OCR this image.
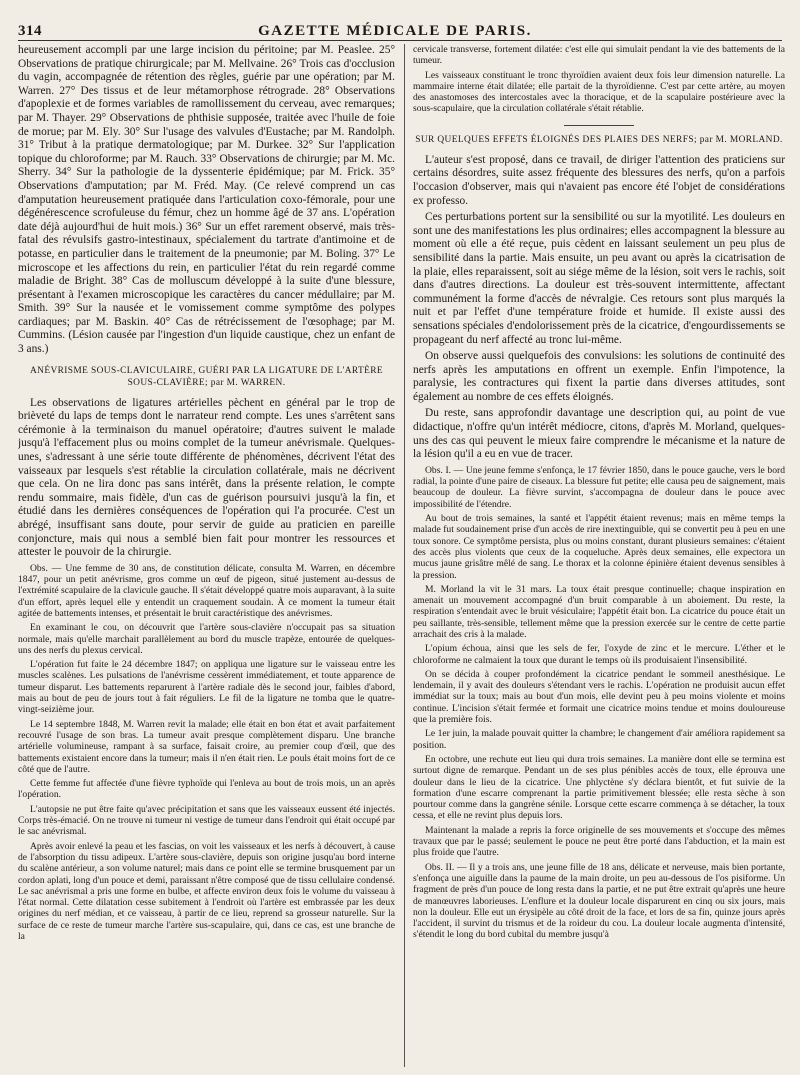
314	GAZETTE MÉDICALE DE PARIS.

heureusement accompli par une large incision du péritoine; par M. Peaslee. 25° Observations de pratique chirurgicale; par M. Mellvaine. 26° Trois cas d'occlusion du vagin, accompagnée de rétention des règles, guérie par une opération; par M. Warren. 27° Des tissus et de leur métamorphose rétrograde. 28° Observations d'apoplexie et de formes variables de ramollissement du cerveau, avec remarques; par M. Thayer. 29° Observations de phthisie supposée, traitée avec l'huile de foie de morue; par M. Ely. 30° Sur l'usage des valvules d'Eustache; par M. Randolph. 31° Tribut à la pratique dermatologique; par M. Durkee. 32° Sur l'application topique du chloroforme; par M. Rauch. 33° Observations de chirurgie; par M. Mc. Sherry. 34° Sur la pathologie de la dyssenterie épidémique; par M. Frick. 35° Observations d'amputation; par M. Fréd. May. (Ce relevé comprend un cas d'amputation heureusement pratiquée dans l'articulation coxo-fémorale, pour une dégénérescence scrofuleuse du fémur, chez un homme âgé de 37 ans. L'opération date déjà aujourd'hui de huit mois.) 36° Sur un effet rarement observé, mais très-fatal des révulsifs gastro-intestinaux, spécialement du tartrate d'antimoine et de potasse, en particulier dans le traitement de la pneumonie; par M. Boling. 37° Le microscope et les affections du rein, en particulier l'état du rein regardé comme maladie de Bright. 38° Cas de molluscum développé à la suite d'une blessure, présentant à l'examen microscopique les caractères du cancer médullaire; par M. Smith. 39° Sur la nausée et le vomissement comme symptôme des polypes cardiaques; par M. Baskin. 40° Cas de rétrécissement de l'œsophage; par M. Cummins. (Lésion causée par l'ingestion d'un liquide caustique, chez un enfant de 3 ans.)

ANÉVRISME SOUS-CLAVICULAIRE, GUÉRI PAR LA LIGATURE DE L'ARTÈRE SOUS-CLAVIÈRE; par M. WARREN.

Les observations de ligatures artérielles pèchent en général par le trop de brièveté du laps de temps dont le narrateur rend compte. Les unes s'arrêtent sans cérémonie à la terminaison du manuel opératoire; d'autres suivent le malade jusqu'à l'effacement plus ou moins complet de la tumeur anévrismale. Quelques-unes, s'adressant à une série toute différente de phénomènes, décrivent l'état des vaisseaux par lesquels s'est rétablie la circulation collatérale, mais ne décrivent que cela. On ne lira donc pas sans intérêt, dans la présente relation, le compte rendu sommaire, mais fidèle, d'un cas de guérison poursuivi jusqu'à la fin, et étudié dans les dernières conséquences de l'opération qui l'a procurée. C'est un abrégé, insuffisant sans doute, pour servir de guide au praticien en pareille conjoncture, mais qui nous a semblé bien fait pour montrer les ressources et attester le pouvoir de la chirurgie.

Obs. — Une femme de 30 ans, de constitution délicate, consulta M. Warren, en décembre 1847, pour un petit anévrisme, gros comme un œuf de pigeon, situé justement au-dessus de l'extrémité scapulaire de la clavicule gauche. Il s'était développé quatre mois auparavant, à la suite d'un effort, après lequel elle y entendit un craquement soudain. À ce moment la tumeur était agitée de battements intenses, et présentait le bruit caractéristique des anévrismes.

En examinant le cou, on découvrit que l'artère sous-clavière n'occupait pas sa situation normale, mais qu'elle marchait parallèlement au bord du muscle trapèze, entourée de quelques-uns des nerfs du plexus cervical.

L'opération fut faite le 24 décembre 1847; on appliqua une ligature sur le vaisseau entre les muscles scalènes. Les pulsations de l'anévrisme cessèrent immédiatement, et toute apparence de tumeur disparut. Les battements reparurent à l'artère radiale dès le second jour, faibles d'abord, mais au bout de peu de jours tout à fait réguliers. Le fil de la ligature ne tomba que le quatre-vingt-seizième jour.

Le 14 septembre 1848, M. Warren revit la malade; elle était en bon état et avait parfaitement recouvré l'usage de son bras. La tumeur avait presque complètement disparu. Une branche artérielle volumineuse, rampant à sa surface, faisait croire, au premier coup d'œil, que des battements existaient encore dans la tumeur; mais il n'en était rien. Le pouls était moins fort de ce côté que de l'autre.

Cette femme fut affectée d'une fièvre typhoïde qui l'enleva au bout de trois mois, un an après l'opération.

L'autopsie ne put être faite qu'avec précipitation et sans que les vaisseaux eussent été injectés. Corps très-émacié. On ne trouve ni tumeur ni vestige de tumeur dans l'endroit qui était occupé par le sac anévrismal.

Après avoir enlevé la peau et les fascias, on voit les vaisseaux et les nerfs à découvert, à cause de l'absorption du tissu adipeux. L'artère sous-clavière, depuis son origine jusqu'au bord interne du scalène antérieur, a son volume naturel; mais dans ce point elle se termine brusquement par un cordon aplati, long d'un pouce et demi, paraissant n'être composé que de tissu cellulaire condensé. Le sac anévrismal a pris une forme en bulbe, et affecte environ deux fois le volume du vaisseau à l'état normal. Cette dilatation cesse subitement à l'endroit où l'artère est embrassée par les deux origines du nerf médian, et ce vaisseau, à partir de ce lieu, reprend sa grosseur naturelle. Sur la surface de ce reste de tumeur marche l'artère sus-scapulaire, qui, dans ce cas, est une branche de la

cervicale transverse, fortement dilatée: c'est elle qui simulait pendant la vie des battements de la tumeur.

Les vaisseaux constituant le tronc thyroïdien avaient deux fois leur dimension naturelle. La mammaire interne était dilatée; elle partait de la thyroïdienne. C'est par cette artère, au moyen des anastomoses des intercostales avec la thoracique, et de la scapulaire postérieure avec la sous-scapulaire, que la circulation collatérale s'était rétablie.

SUR QUELQUES EFFETS ÉLOIGNÉS DES PLAIES DES NERFS; par M. MORLAND.

L'auteur s'est proposé, dans ce travail, de diriger l'attention des praticiens sur certains désordres, suite assez fréquente des blessures des nerfs, qu'on a parfois l'occasion d'observer, mais qui n'avaient pas encore été l'objet de considérations ex professo.

Ces perturbations portent sur la sensibilité ou sur la myotilité. Les douleurs en sont une des manifestations les plus ordinaires; elles accompagnent la blessure au moment où elle a été reçue, puis cèdent en laissant seulement un peu plus de sensibilité dans la partie. Mais ensuite, un peu avant ou après la cicatrisation de la plaie, elles reparaissent, soit au siége même de la lésion, soit vers le rachis, soit dans d'autres directions. La douleur est très-souvent intermittente, affectant communément la forme d'accès de névralgie. Ces retours sont plus marqués la nuit et par l'effet d'une température froide et humide. Il existe aussi des sensations spéciales d'endolorissement près de la cicatrice, d'engourdissements se propageant du nerf affecté au tronc lui-même.

On observe aussi quelquefois des convulsions: les solutions de continuité des nerfs après les amputations en offrent un exemple. Enfin l'impotence, la paralysie, les contractures qui fixent la partie dans diverses attitudes, sont également au nombre de ces effets éloignés.

Du reste, sans approfondir davantage une description qui, au point de vue didactique, n'offre qu'un intérêt médiocre, citons, d'après M. Morland, quelques-uns des cas qui peuvent le mieux faire comprendre le mécanisme et la nature de la lésion qu'il a eu en vue de tracer.

Obs. I. — Une jeune femme s'enfonça, le 17 février 1850, dans le pouce gauche, vers le bord radial, la pointe d'une paire de ciseaux. La blessure fut petite; elle causa peu de saignement, mais beaucoup de douleur. La fièvre survint, s'accompagna de douleur dans le pouce avec impossibilité de l'étendre.

Au bout de trois semaines, la santé et l'appétit étaient revenus; mais en même temps la malade fut soudainement prise d'un accès de rire inextinguible, qui se convertit peu à peu en une toux sonore. Ce symptôme persista, plus ou moins constant, durant plusieurs semaines: c'étaient des accès plus violents que ceux de la coqueluche. Après deux semaines, elle expectora un mucus jaune grisâtre mêlé de sang. Le thorax et la colonne épinière étaient devenus sensibles à la pression.

M. Morland la vit le 31 mars. La toux était presque continuelle; chaque inspiration en amenait un mouvement accompagné d'un bruit comparable à un aboiement. Du reste, la respiration s'entendait avec le bruit vésiculaire; l'appétit était bon. La cicatrice du pouce était un peu saillante, très-sensible, tellement même que la pression exercée sur le centre de cette partie arrachait des cris à la malade.

L'opium échoua, ainsi que les sels de fer, l'oxyde de zinc et le mercure. L'éther et le chloroforme ne calmaient la toux que durant le temps où ils produisaient l'insensibilité.

On se décida à couper profondément la cicatrice pendant le sommeil anesthésique. Le lendemain, il y avait des douleurs s'étendant vers le rachis. L'opération ne produisit aucun effet immédiat sur la toux; mais au bout d'un mois, elle devint peu à peu moins violente et moins continue. L'incision s'était fermée et formait une cicatrice moins tendue et moins douloureuse que la première fois.

Le 1er juin, la malade pouvait quitter la chambre; le changement d'air améliora rapidement sa position.

En octobre, une rechute eut lieu qui dura trois semaines. La manière dont elle se termina est surtout digne de remarque. Pendant un de ses plus pénibles accès de toux, elle éprouva une douleur dans le lieu de la cicatrice. Une phlyctène s'y déclara bientôt, et fut suivie de la formation d'une escarre comprenant la partie primitivement blessée; elle resta sèche à son pourtour comme dans la gangrène sénile. Lorsque cette escarre commença à se détacher, la toux cessa, et elle ne revint plus depuis lors.

Maintenant la malade a repris la force originelle de ses mouvements et s'occupe des mêmes travaux que par le passé; seulement le pouce ne peut être porté dans l'abduction, et la main est plus froide que l'autre.

Obs. II. — Il y a trois ans, une jeune fille de 18 ans, délicate et nerveuse, mais bien portante, s'enfonça une aiguille dans la paume de la main droite, un peu au-dessous de l'os pisiforme. Un fragment de près d'un pouce de long resta dans la partie, et ne put être extrait qu'après une heure de manœuvres laborieuses. L'enflure et la douleur locale disparurent en cinq ou six jours, mais non la douleur. Elle eut un érysipèle au côté droit de la face, et lors de sa fin, quinze jours après l'accident, il survint du trismus et de la roideur du cou. La douleur locale augmenta d'intensité, s'étendit le long du bord cubital du membre jusqu'à
